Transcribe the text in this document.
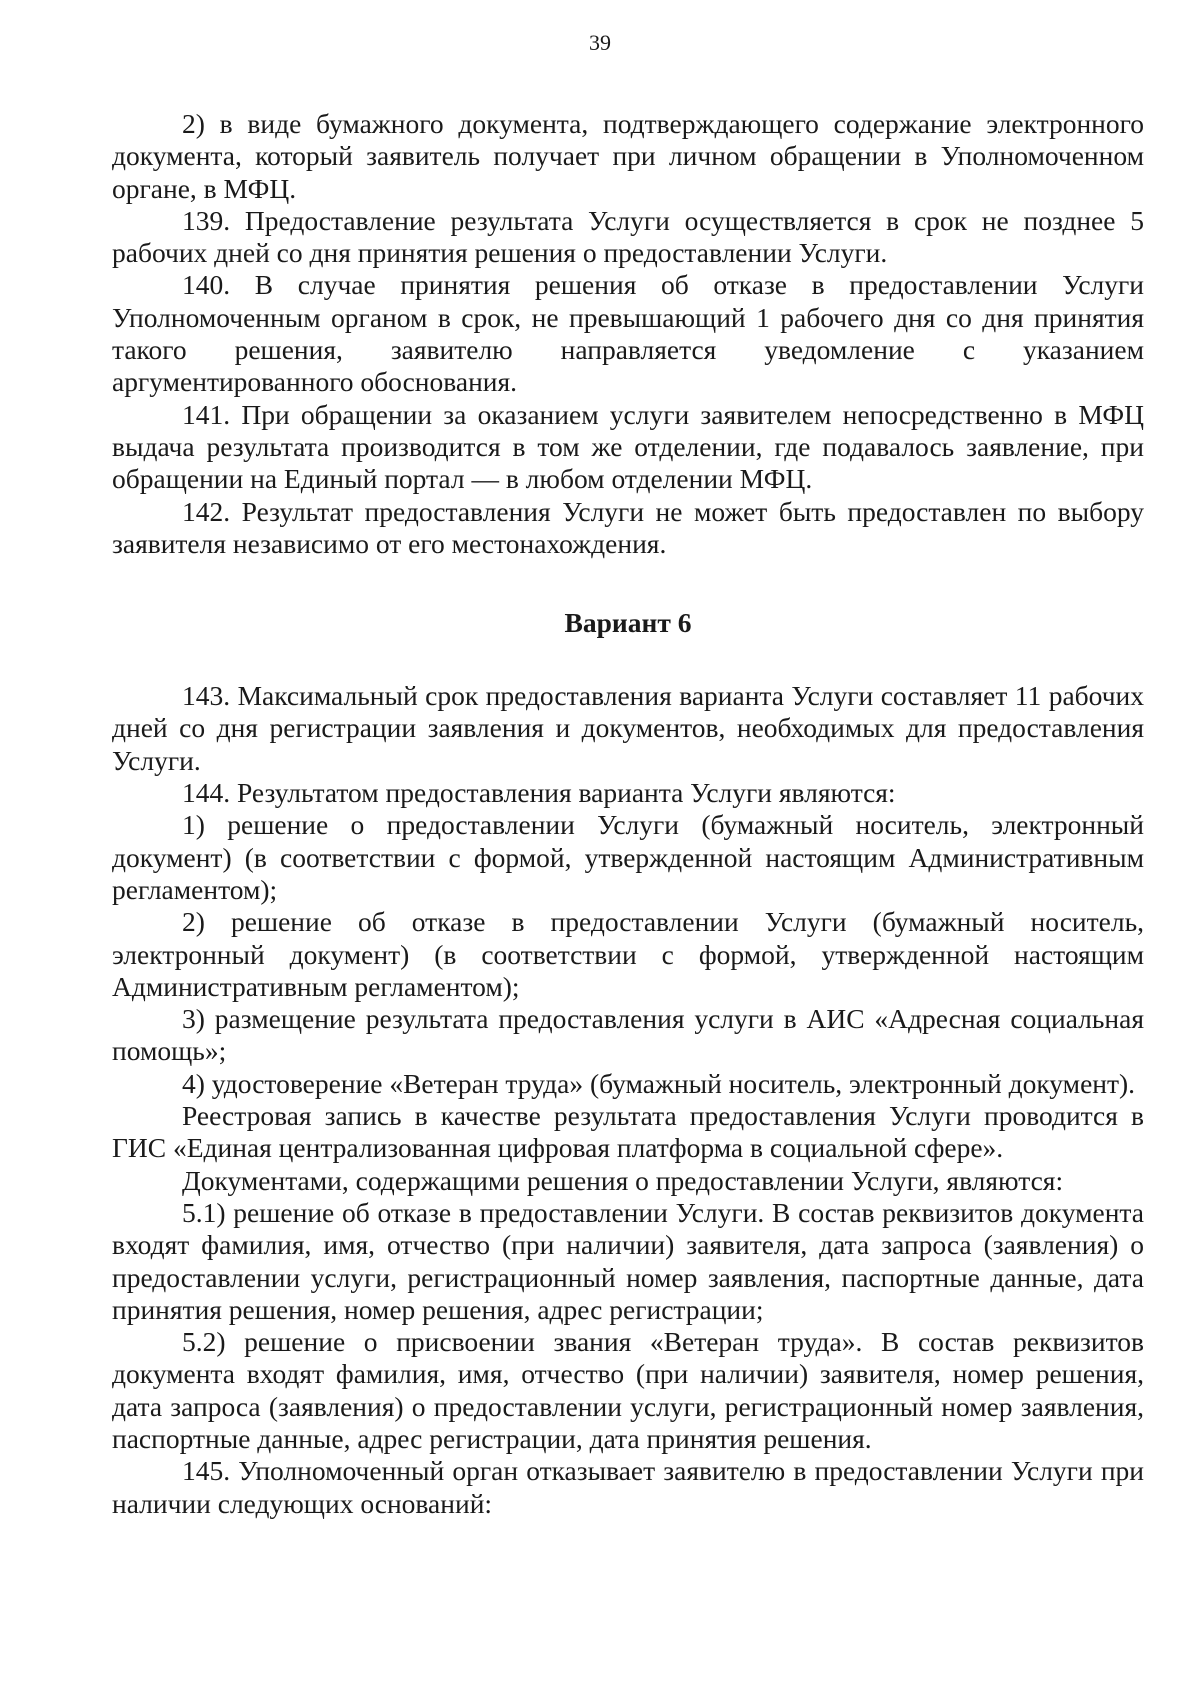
39

2) в виде бумажного документа, подтверждающего содержание электронного документа, который заявитель получает при личном обращении в Уполномоченном органе, в МФЦ.

139. Предоставление результата Услуги осуществляется в срок не позднее 5 рабочих дней со дня принятия решения о предоставлении Услуги.

140. В случае принятия решения об отказе в предоставлении Услуги Уполномоченным органом в срок, не превышающий 1 рабочего дня со дня принятия такого решения, заявителю направляется уведомление с указанием аргументированного обоснования.

141. При обращении за оказанием услуги заявителем непосредственно в МФЦ выдача результата производится в том же отделении, где подавалось заявление, при обращении на Единый портал — в любом отделении МФЦ.

142. Результат предоставления Услуги не может быть предоставлен по выбору заявителя независимо от его местонахождения.

Вариант 6

143. Максимальный срок предоставления варианта Услуги составляет 11 рабочих дней со дня регистрации заявления и документов, необходимых для предоставления Услуги.

144. Результатом предоставления варианта Услуги являются:

1) решение о предоставлении Услуги (бумажный носитель, электронный документ) (в соответствии с формой, утвержденной настоящим Административным регламентом);

2) решение об отказе в предоставлении Услуги (бумажный носитель, электронный документ) (в соответствии с формой, утвержденной настоящим Административным регламентом);

3) размещение результата предоставления услуги в АИС «Адресная социальная помощь»;

4) удостоверение «Ветеран труда» (бумажный носитель, электронный документ).

Реестровая запись в качестве результата предоставления Услуги проводится в ГИС «Единая централизованная цифровая платформа в социальной сфере».

Документами, содержащими решения о предоставлении Услуги, являются:

5.1) решение об отказе в предоставлении Услуги. В состав реквизитов документа входят фамилия, имя, отчество (при наличии) заявителя, дата запроса (заявления) о предоставлении услуги, регистрационный номер заявления, паспортные данные, дата принятия решения, номер решения, адрес регистрации;

5.2) решение о присвоении звания «Ветеран труда». В состав реквизитов документа входят фамилия, имя, отчество (при наличии) заявителя, номер решения, дата запроса (заявления) о предоставлении услуги, регистрационный номер заявления, паспортные данные, адрес регистрации, дата принятия решения.

145. Уполномоченный орган отказывает заявителю в предоставлении Услуги при наличии следующих оснований:
